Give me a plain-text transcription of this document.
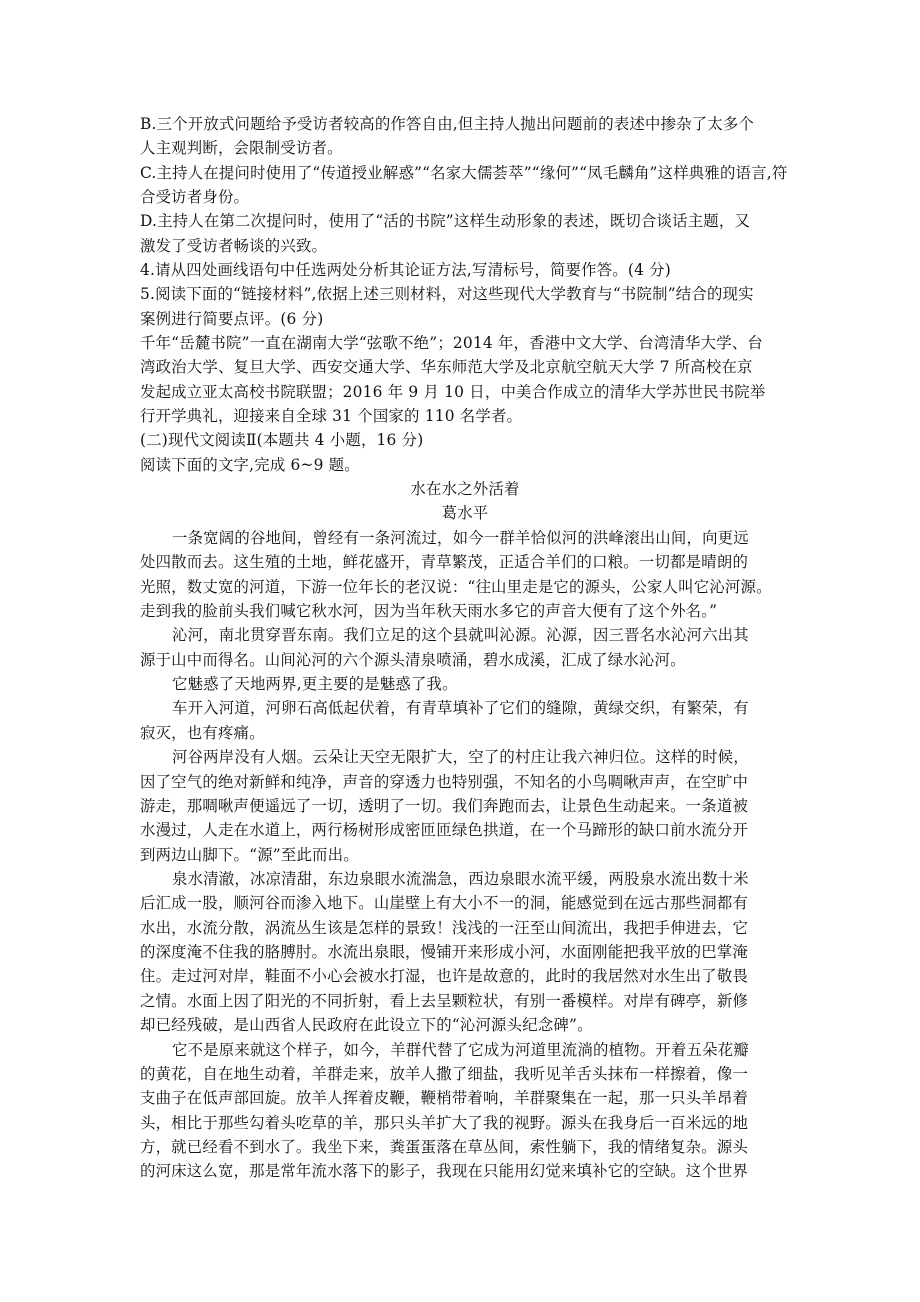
B.三个开放式问题给予受访者较高的作答自由,但主持人抛出问题前的表述中掺杂了太多个
人主观判断，会限制受访者。
C.主持人在提问时使用了“传道授业解惑”“名家大儒荟萃”“缘何”“凤毛麟角”这样典雅的语言,符
合受访者身份。
D.主持人在第二次提问时，使用了“活的书院”这样生动形象的表述，既切合谈话主题，又
激发了受访者畅谈的兴致。
4.请从四处画线语句中任选两处分析其论证方法,写清标号，简要作答。(4 分)
5.阅读下面的“链接材料”,依据上述三则材料，对这些现代大学教育与“书院制”结合的现实
案例进行简要点评。(6 分)
千年“岳麓书院”一直在湖南大学“弦歌不绝”；2014 年，香港中文大学、台湾清华大学、台
湾政治大学、复旦大学、西安交通大学、华东师范大学及北京航空航天大学 7 所高校在京
发起成立亚太高校书院联盟；2016 年 9 月 10 日，中美合作成立的清华大学苏世民书院举
行开学典礼，迎接来自全球 31 个国家的 110 名学者。
(二)现代文阅读Ⅱ(本题共 4 小题，16 分)
阅读下面的文字,完成 6~9 题。
水在水之外活着
葛水平
一条宽阔的谷地间，曾经有一条河流过，如今一群羊恰似河的洪峰滚出山间，向更远
处四散而去。这生殖的土地，鲜花盛开，青草繁茂，正适合羊们的口粮。一切都是晴朗的
光照，数丈宽的河道，下游一位年长的老汉说：“往山里走是它的源头，公家人叫它沁河源。
走到我的脸前头我们喊它秋水河，因为当年秋天雨水多它的声音大便有了这个外名。”
沁河，南北贯穿晋东南。我们立足的这个县就叫沁源。沁源，因三晋名水沁河六出其
源于山中而得名。山间沁河的六个源头清泉喷涌，碧水成溪，汇成了绿水沁河。
它魅惑了天地两界,更主要的是魅惑了我。
车开入河道，河卵石高低起伏着，有青草填补了它们的缝隙，黄绿交织，有繁荣，有
寂灭，也有疼痛。
河谷两岸没有人烟。云朵让天空无限扩大，空了的村庄让我六神归位。这样的时候，
因了空气的绝对新鲜和纯净，声音的穿透力也特别强，不知名的小鸟啁啾声声，在空旷中
游走，那啁啾声便遥远了一切，透明了一切。我们奔跑而去，让景色生动起来。一条道被
水漫过，人走在水道上，两行杨树形成密匝匝绿色拱道，在一个马蹄形的缺口前水流分开
到两边山脚下。“源”至此而出。
泉水清澈，冰凉清甜，东边泉眼水流湍急，西边泉眼水流平缓，两股泉水流出数十米
后汇成一股，顺河谷而渗入地下。山崖壁上有大小不一的洞，能感觉到在远古那些洞都有
水出，水流分散，涡流丛生该是怎样的景致！浅浅的一汪至山间流出，我把手伸进去，它
的深度淹不住我的胳膊肘。水流出泉眼，慢铺开来形成小河，水面刚能把我平放的巴掌淹
住。走过河对岸，鞋面不小心会被水打湿，也许是故意的，此时的我居然对水生出了敬畏
之情。水面上因了阳光的不同折射，看上去呈颗粒状，有别一番模样。对岸有碑亭，新修
却已经残破，是山西省人民政府在此设立下的“沁河源头纪念碑”。
它不是原来就这个样子，如今，羊群代替了它成为河道里流淌的植物。开着五朵花瓣
的黄花，自在地生动着，羊群走来，放羊人撒了细盐，我听见羊舌头抹布一样擦着，像一
支曲子在低声部回旋。放羊人挥着皮鞭，鞭梢带着响，羊群聚集在一起，那一只头羊昂着
头，相比于那些勾着头吃草的羊，那只头羊扩大了我的视野。源头在我身后一百米远的地
方，就已经看不到水了。我坐下来，粪蛋蛋落在草丛间，索性躺下，我的情绪复杂。源头
的河床这么宽，那是常年流水落下的影子，我现在只能用幻觉来填补它的空缺。这个世界
